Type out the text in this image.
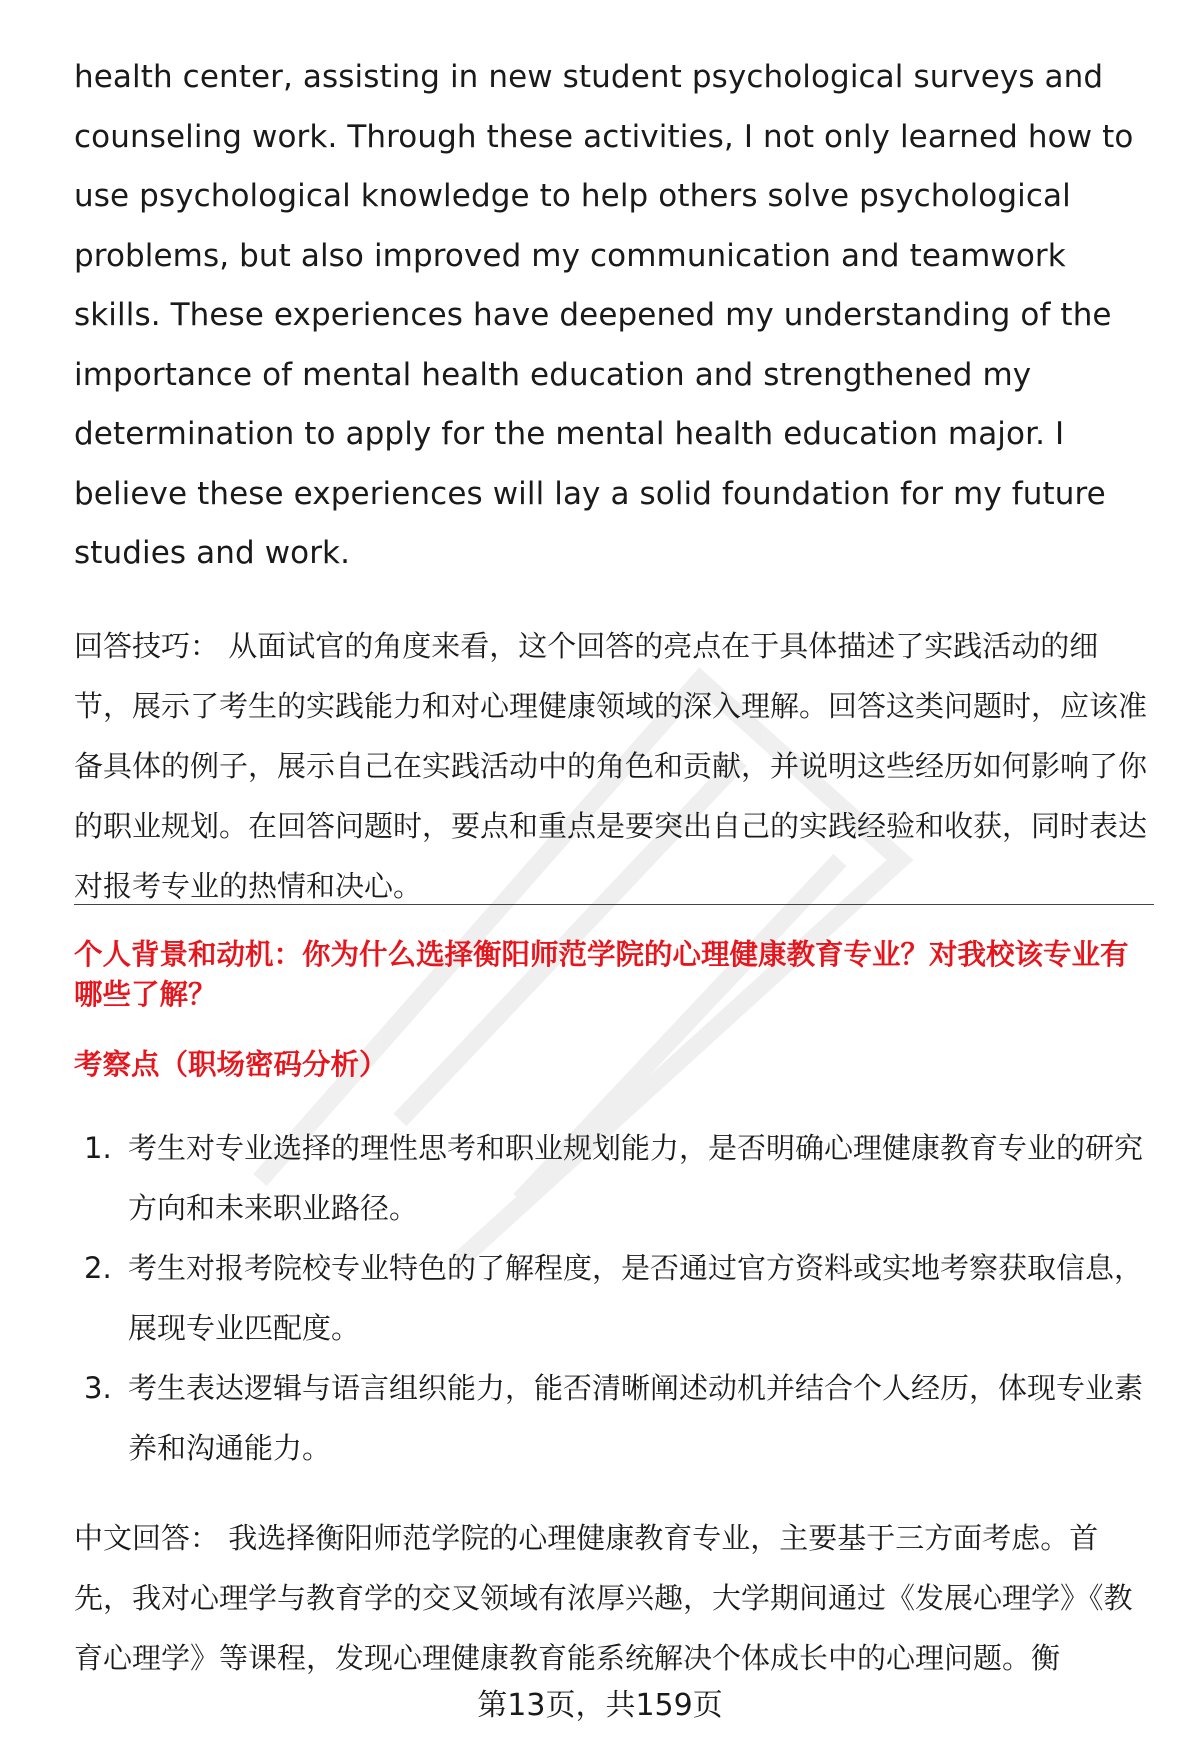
health center, assisting in new student psychological surveys and counseling work. Through these activities, I not only learned how to use psychological knowledge to help others solve psychological problems, but also improved my communication and teamwork skills. These experiences have deepened my understanding of the importance of mental health education and strengthened my determination to apply for the mental health education major. I believe these experiences will lay a solid foundation for my future studies and work.

回答技巧： 从面试官的角度来看，这个回答的亮点在于具体描述了实践活动的细节，展示了考生的实践能力和对心理健康领域的深入理解。回答这类问题时，应该准备具体的例子，展示自己在实践活动中的角色和贡献，并说明这些经历如何影响了你的职业规划。在回答问题时，要点和重点是要突出自己的实践经验和收获，同时表达对报考专业的热情和决心。

个人背景和动机：你为什么选择衡阳师范学院的心理健康教育专业？对我校该专业有哪些了解？

考察点（职场密码分析）

1. 考生对专业选择的理性思考和职业规划能力，是否明确心理健康教育专业的研究方向和未来职业路径。
2. 考生对报考院校专业特色的了解程度，是否通过官方资料或实地考察获取信息，展现专业匹配度。
3. 考生表达逻辑与语言组织能力，能否清晰阐述动机并结合个人经历，体现专业素养和沟通能力。

中文回答： 我选择衡阳师范学院的心理健康教育专业，主要基于三方面考虑。首先，我对心理学与教育学的交叉领域有浓厚兴趣，大学期间通过《发展心理学》《教育心理学》等课程，发现心理健康教育能系统解决个体成长中的心理问题。衡

第13页，共159页
